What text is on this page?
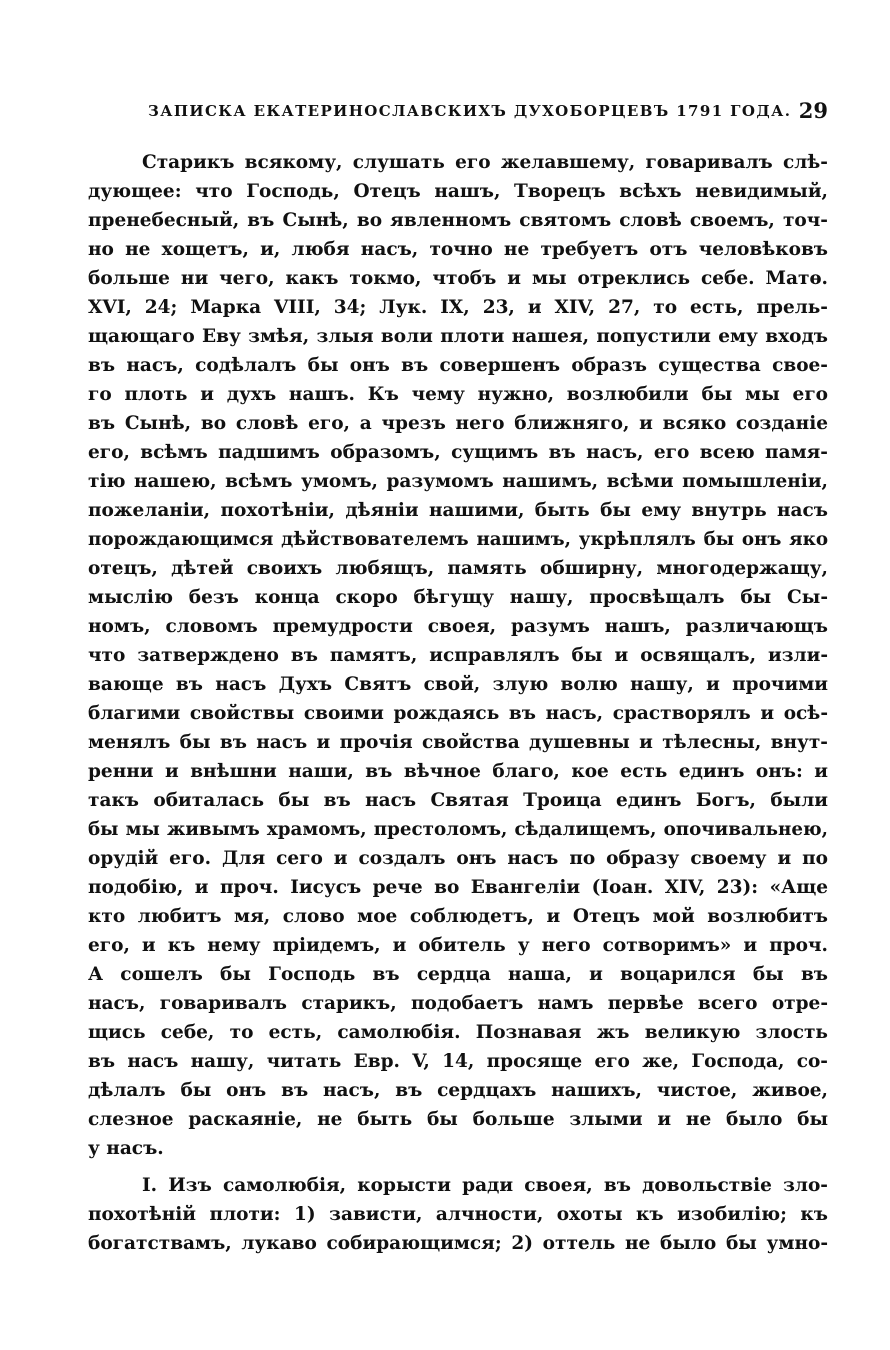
ЗАПИСКА ЕКАТЕРИНОСЛАВСКИХЪ ДУХОБОРЦЕВЪ 1791 ГОДА. 29
Старикъ всякому, слушать его желавшему, говаривалъ слѣ-
дующее: что Господь, Отецъ нашъ, Творецъ всѣхъ невидимый,
пренебесный, въ Сынѣ, во явленномъ святомъ словѣ своемъ, точ-
но не хощетъ, и, любя насъ, точно не требуетъ отъ человѣковъ
больше ни чего, какъ токмо, чтобъ и мы отреклись себе. Матѳ.
XVI, 24; Марка VIII, 34; Лук. IX, 23, и XIV, 27, то есть, прель-
щающаго Еву змѣя, злыя воли плоти нашея, попустили ему входъ
въ насъ, содѣлалъ бы онъ въ совершенъ образъ существа свое-
го плоть и духъ нашъ. Къ чему нужно, возлюбили бы мы его
въ Сынѣ, во словѣ его, а чрезъ него ближняго, и всяко созданіе
его, всѣмъ падшимъ образомъ, сущимъ въ насъ, его всею памя-
тію нашею, всѣмъ умомъ, разумомъ нашимъ, всѣми помышленіи,
пожеланіи, похотѣніи, дѣяніи нашими, быть бы ему внутрь насъ
порождающимся дѣйствователемъ нашимъ, укрѣплялъ бы онъ яко
отецъ, дѣтей своихъ любящъ, память обширну, многодержащу,
мыслію безъ конца скоро бѣгущу нашу, просвѣщалъ бы Сы-
номъ, словомъ премудрости своея, разумъ нашъ, различающъ
что затверждено въ памятъ, исправлялъ бы и освящалъ, изли-
вающе въ насъ Духъ Святъ свой, злую волю нашу, и прочими
благими свойствы своими рождаясь въ насъ, срастворялъ и осѣ-
менялъ бы въ насъ и прочія свойства душевны и тѣлесны, внут-
ренни и внѣшни наши, въ вѣчное благо, кое есть единъ онъ: и
такъ обиталась бы въ насъ Святая Троица единъ Богъ, были
бы мы живымъ храмомъ, престоломъ, сѣдалищемъ, опочивальнею,
орудій его. Для сего и создалъ онъ насъ по образу своему и по
подобію, и проч. Іисусъ рече во Евангеліи (Іоан. XIV, 23): «Аще
кто любитъ мя, слово мое соблюдетъ, и Отецъ мой возлюбитъ
его, и къ нему пріидемъ, и обитель у него сотворимъ» и проч.
А сошелъ бы Господь въ сердца наша, и воцарился бы въ
насъ, говаривалъ старикъ, подобаетъ намъ первѣе всего отре-
щись себе, то есть, самолюбія. Познавая жъ великую злость
въ насъ нашу, читать Евр. V, 14, просяще его же, Господа, со-
дѣлалъ бы онъ въ насъ, въ сердцахъ нашихъ, чистое, живое,
слезное раскаяніе, не быть бы больше злыми и не было бы
у насъ.
І. Изъ самолюбія, корысти ради своея, въ довольствіе зло-
похотѣній плоти: 1) зависти, алчности, охоты къ изобилію; къ
богатствамъ, лукаво собирающимся; 2) оттель не было бы умно-
